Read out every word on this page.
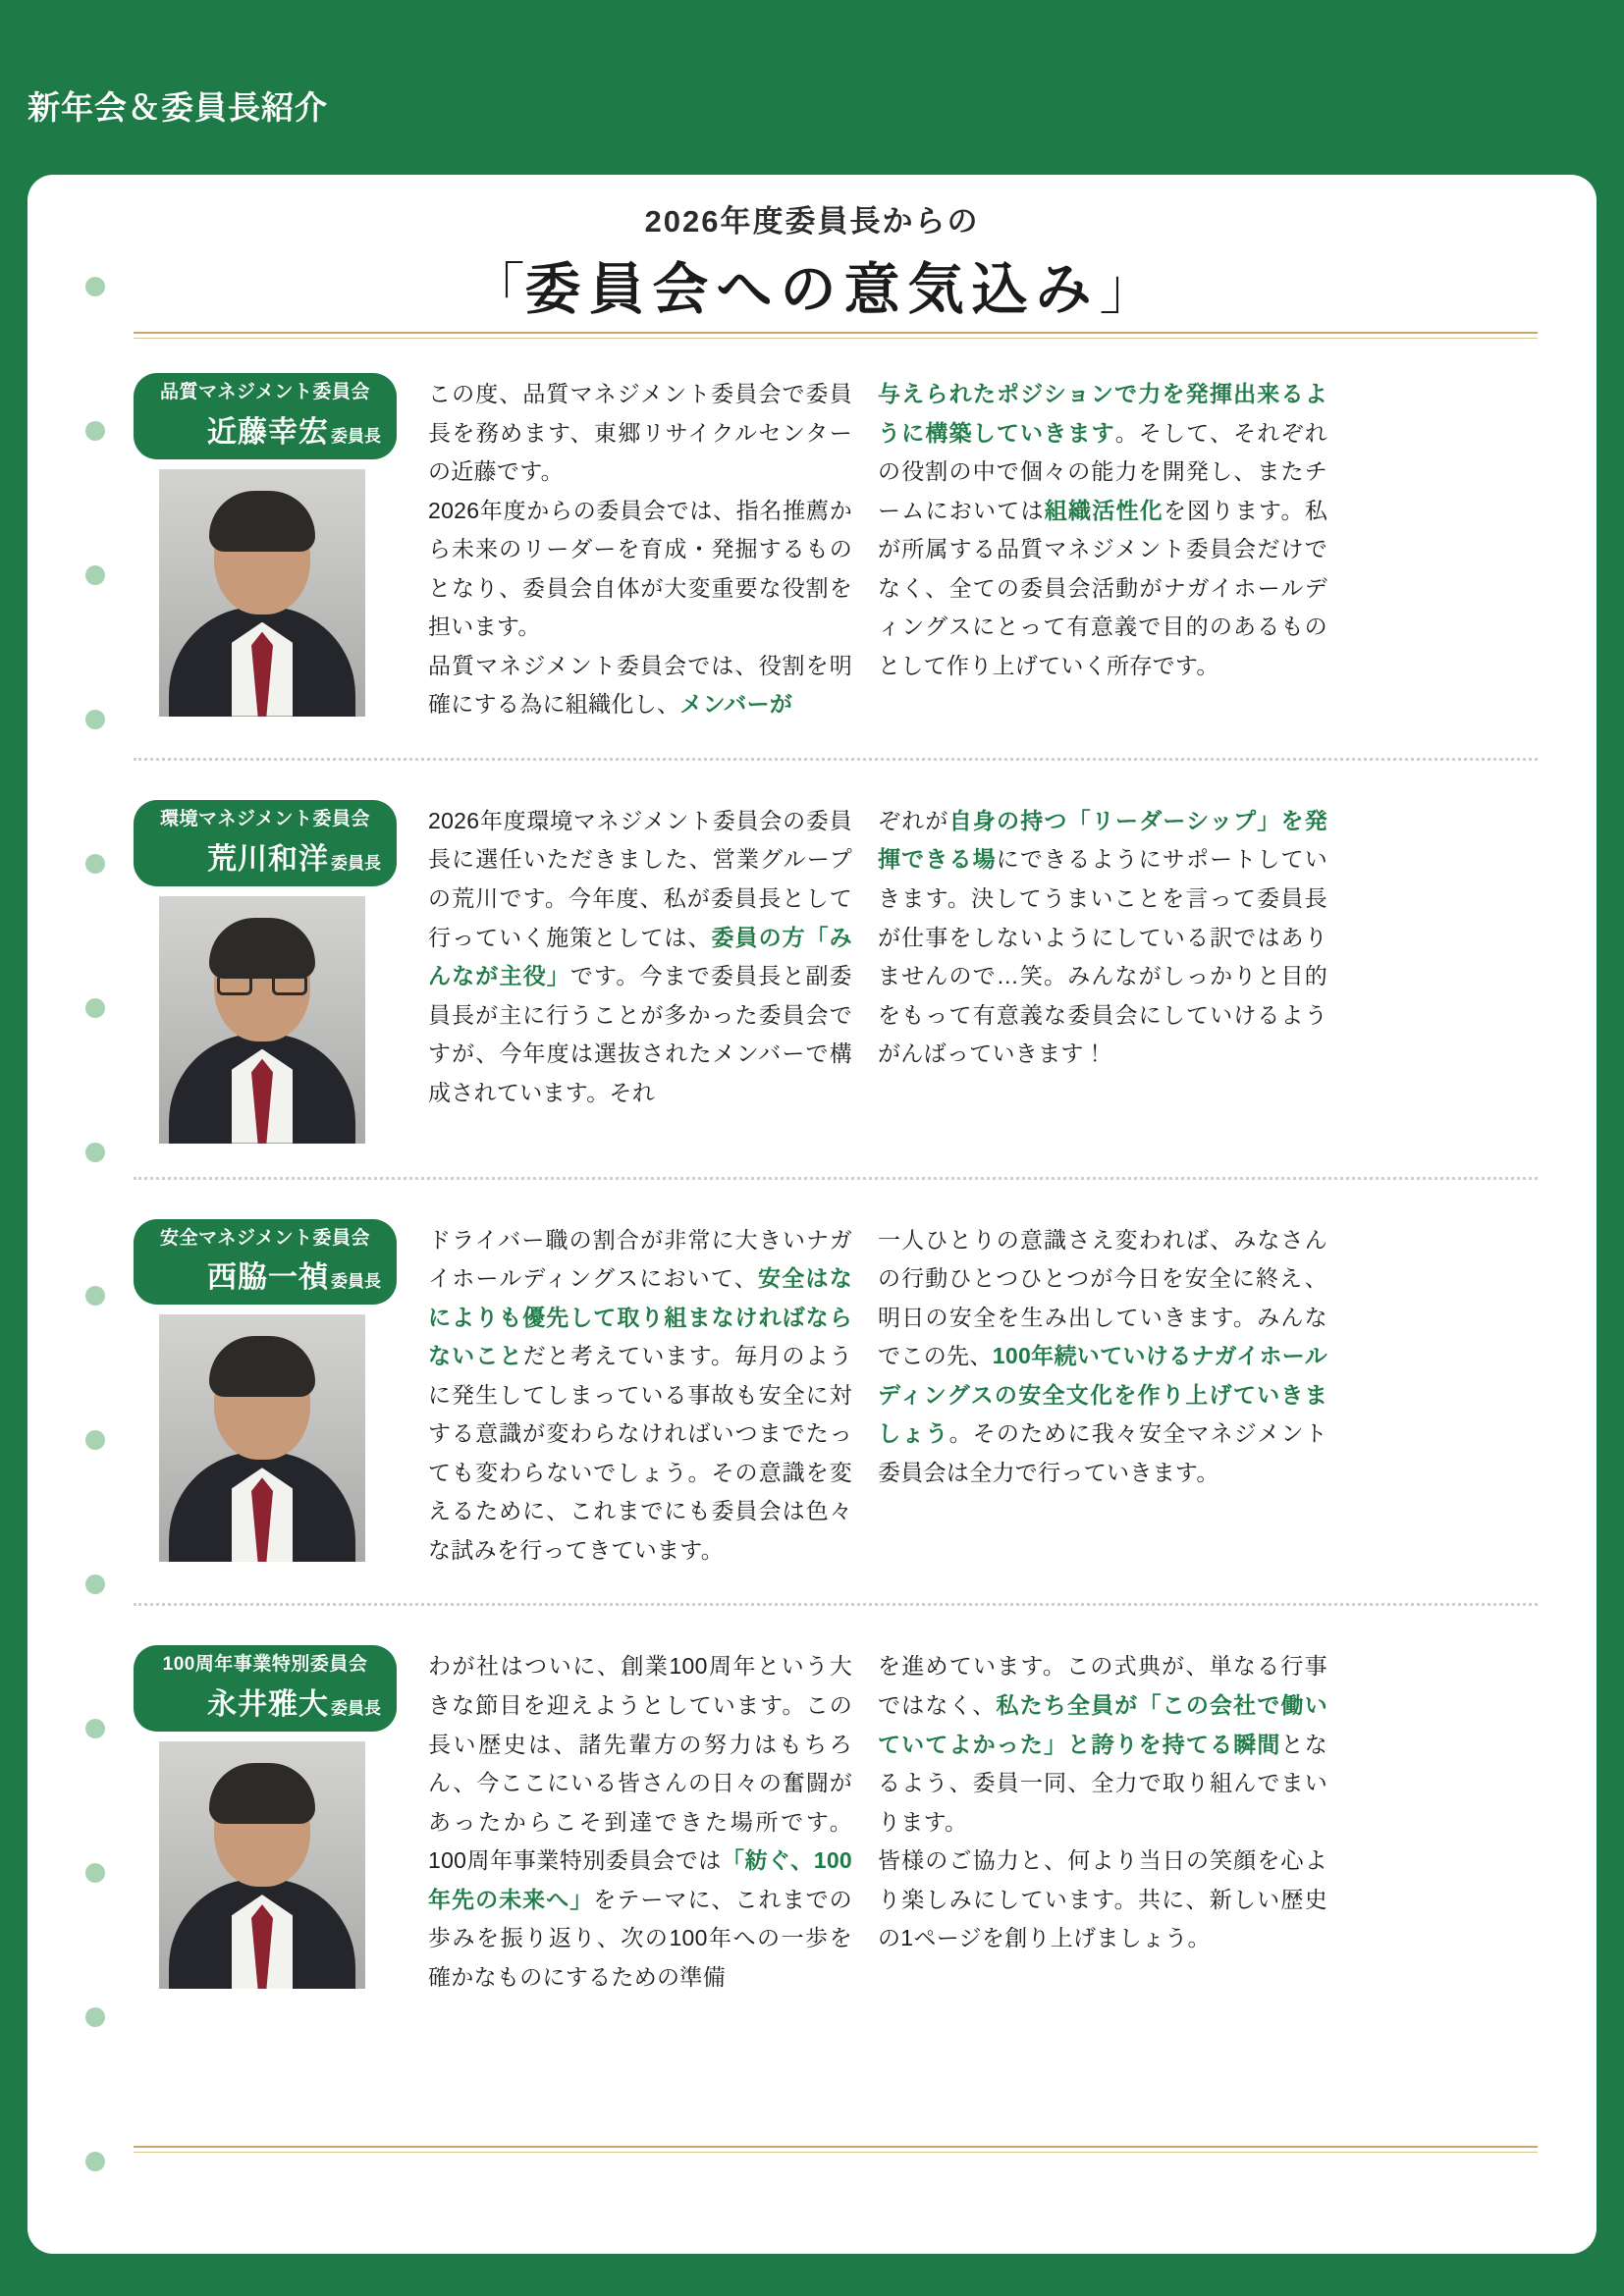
新年会＆委員長紹介
2026年度委員長からの
「委員会への意気込み」
品質マネジメント委員会
近藤幸宏 委員長
この度、品質マネジメント委員会で委員長を務めます、東郷リサイクルセンターの近藤です。
2026年度からの委員会では、指名推薦から未来のリーダーを育成・発掘するものとなり、委員会自体が大変重要な役割を担います。
品質マネジメント委員会では、役割を明確にする為に組織化し、メンバーが
与えられたポジションで力を発揮出来るように構築していきます。そして、それぞれの役割の中で個々の能力を開発し、またチームにおいては組織活性化を図ります。私が所属する品質マネジメント委員会だけでなく、全ての委員会活動がナガイホールディングスにとって有意義で目的のあるものとして作り上げていく所存です。
環境マネジメント委員会
荒川和洋 委員長
2026年度環境マネジメント委員会の委員長に選任いただきました、営業グループの荒川です。今年度、私が委員長として行っていく施策としては、委員の方「みんなが主役」です。今まで委員長と副委員長が主に行うことが多かった委員会ですが、今年度は選抜されたメンバーで構成されています。それ
ぞれが自身の持つ「リーダーシップ」を発揮できる場にできるようにサポートしていきます。決してうまいことを言って委員長が仕事をしないようにしている訳ではありませんので…笑。みんながしっかりと目的をもって有意義な委員会にしていけるようがんばっていきます！
安全マネジメント委員会
西脇一禎 委員長
ドライバー職の割合が非常に大きいナガイホールディングスにおいて、安全はなによりも優先して取り組まなければならないことだと考えています。毎月のように発生してしまっている事故も安全に対する意識が変わらなければいつまでたっても変わらないでしょう。その意識を変えるために、これまでにも委員会は色々な試みを行ってきています。
一人ひとりの意識さえ変われば、みなさんの行動ひとつひとつが今日を安全に終え、明日の安全を生み出していきます。みんなでこの先、100年続いていけるナガイホールディングスの安全文化を作り上げていきましょう。そのために我々安全マネジメント委員会は全力で行っていきます。
100周年事業特別委員会
永井雅大 委員長
わが社はついに、創業100周年という大きな節目を迎えようとしています。この長い歴史は、諸先輩方の努力はもちろん、今ここにいる皆さんの日々の奮闘があったからこそ到達できた場所です。100周年事業特別委員会では「紡ぐ、100年先の未来へ」をテーマに、これまでの歩みを振り返り、次の100年への一歩を確かなものにするための準備
を進めています。この式典が、単なる行事ではなく、私たち全員が「この会社で働いていてよかった」と誇りを持てる瞬間となるよう、委員一同、全力で取り組んでまいります。
皆様のご協力と、何より当日の笑顔を心より楽しみにしています。共に、新しい歴史の1ページを創り上げましょう。
